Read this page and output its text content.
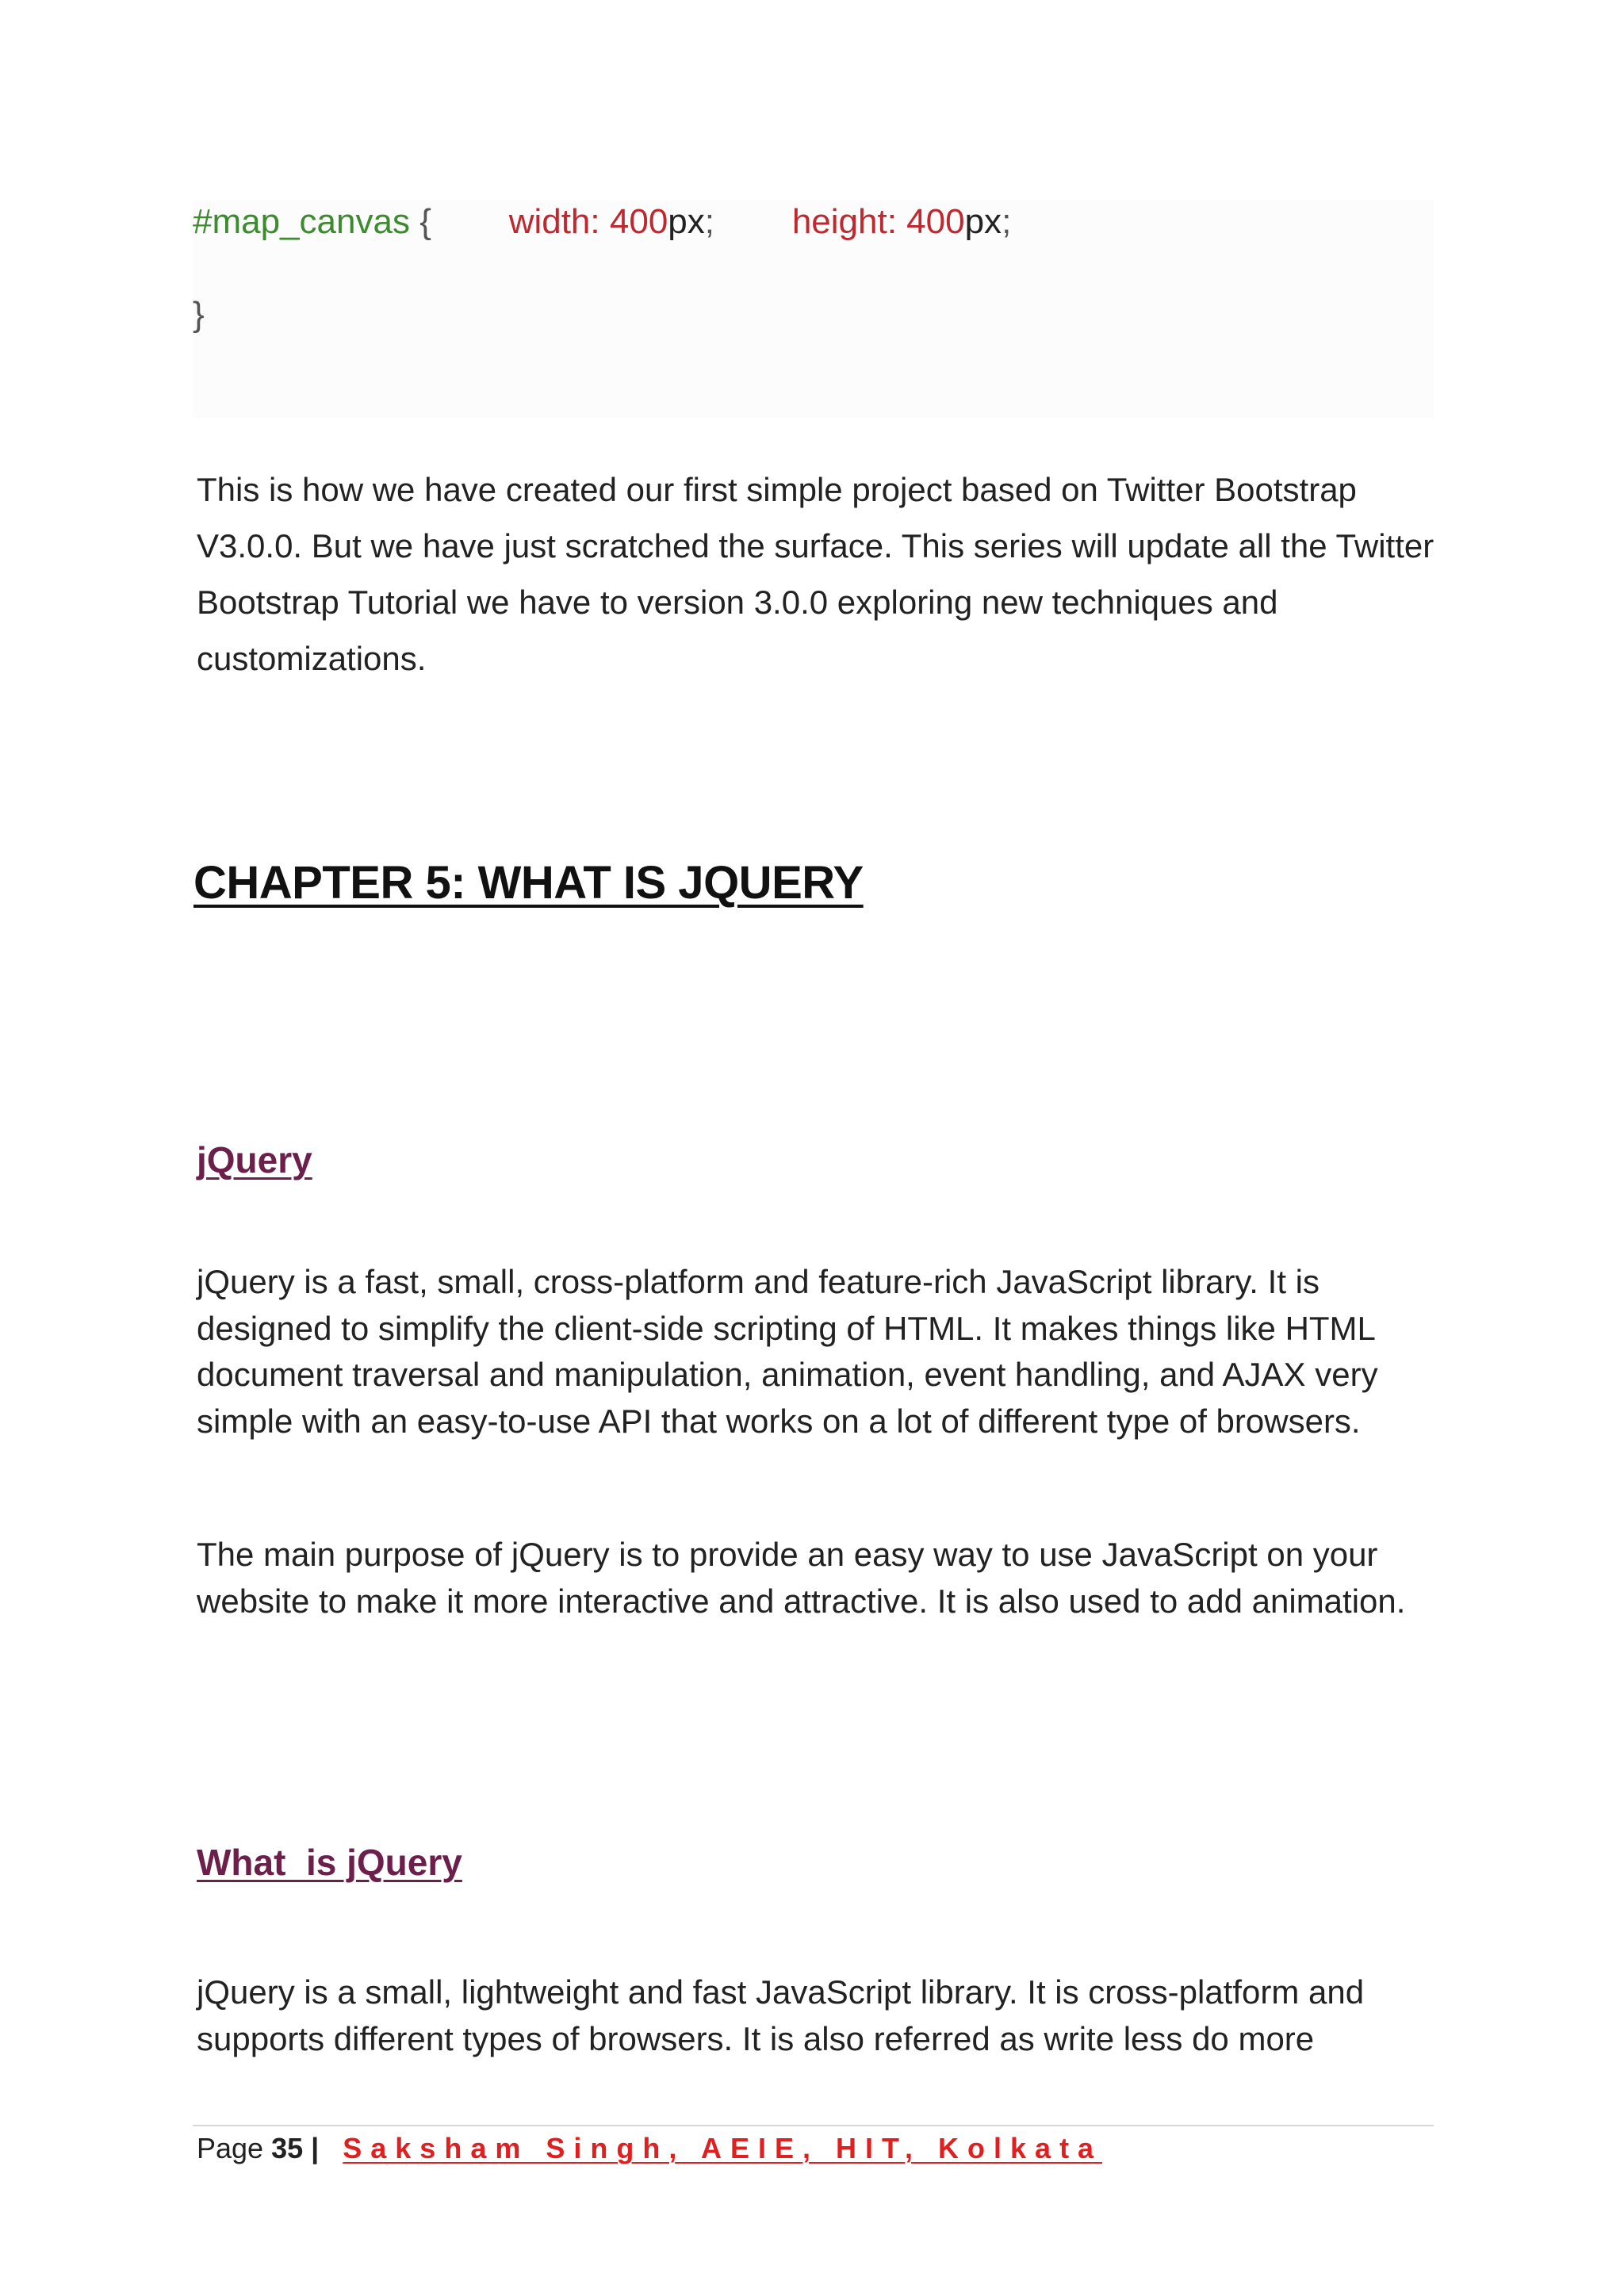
#map_canvas { width: 400px; height: 400px;
}

This is how we have created our first simple project based on Twitter Bootstrap V3.0.0. But we have just scratched the surface. This series will update all the Twitter Bootstrap Tutorial we have to version 3.0.0 exploring new techniques and customizations.

CHAPTER 5: WHAT IS JQUERY
jQuery

jQuery is a fast, small, cross-platform and feature-rich JavaScript library. It is designed to simplify the client-side scripting of HTML. It makes things like HTML document traversal and manipulation, animation, event handling, and AJAX very simple with an easy-to-use API that works on a lot of different type of browsers.

The main purpose of jQuery is to provide an easy way to use JavaScript on your website to make it more interactive and attractive. It is also used to add animation.

What  is jQuery

jQuery is a small, lightweight and fast JavaScript library. It is cross-platform and supports different types of browsers. It is also referred as write less do more

Page 35 | Saksham Singh, AEIE, HIT, Kolkata
